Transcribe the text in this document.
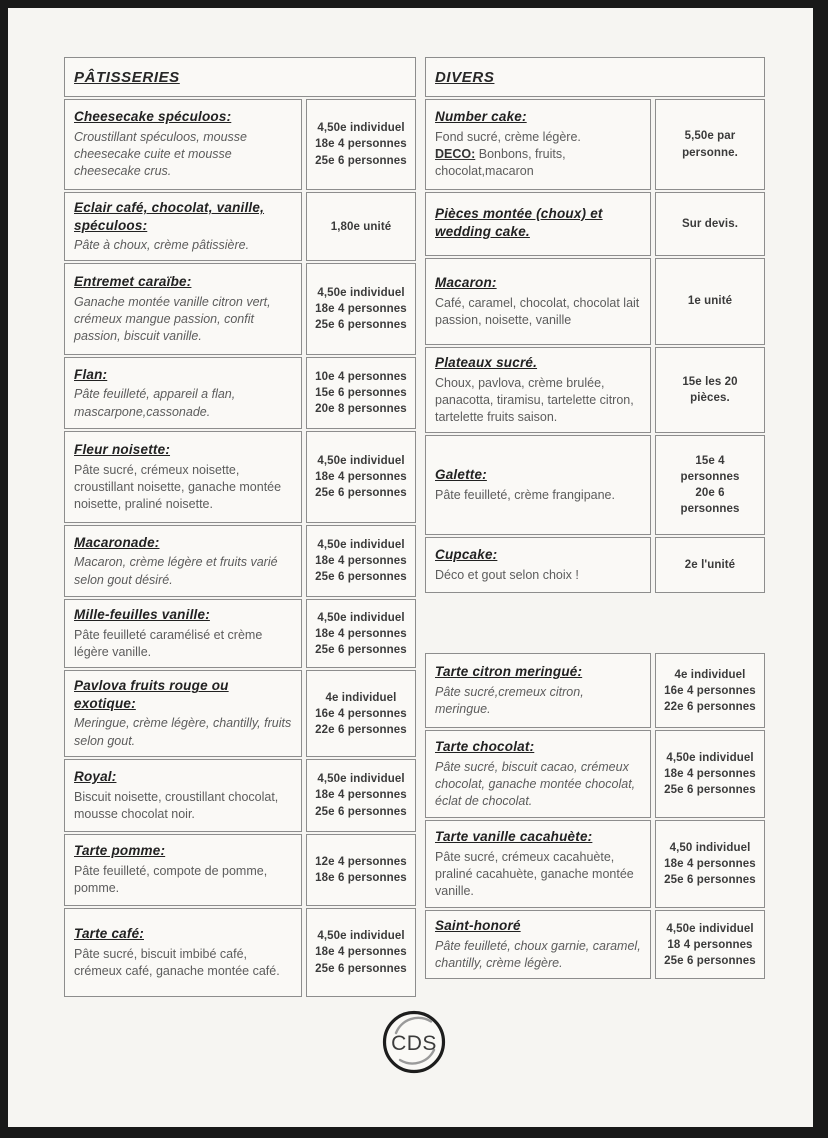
PÂTISSERIES
Cheesecake spéculoos:
Croustillant spéculoos, mousse cheesecake cuite et mousse cheesecake crus.
4,50e individuel
18e 4 personnes
25e 6 personnes
Eclair café, chocolat, vanille, spéculoos:
Pâte à choux, crème pâtissière.
1,80e unité
Entremet caraïbe:
Ganache montée vanille citron vert, crémeux mangue passion, confit passion, biscuit vanille.
4,50e individuel
18e 4 personnes
25e 6 personnes
Flan:
Pâte feuilleté, appareil a flan, mascarpone,cassonade.
10e 4 personnes
15e 6 personnes
20e 8 personnes
Fleur noisette:
Pâte sucré, crémeux noisette, croustillant noisette, ganache montée noisette, praliné noisette.
4,50e individuel
18e 4 personnes
25e 6 personnes
Macaronade:
Macaron, crème légère et fruits varié selon gout désiré.
4,50e individuel
18e 4 personnes
25e 6 personnes
Mille-feuilles vanille:
Pâte feuilleté caramélisé et crème légère vanille.
4,50e individuel
18e 4 personnes
25e 6 personnes
Pavlova fruits rouge ou exotique:
Meringue, crème légère, chantilly, fruits selon gout.
4e individuel
16e 4 personnes
22e 6 personnes
Royal:
Biscuit noisette, croustillant chocolat, mousse chocolat noir.
4,50e individuel
18e 4 personnes
25e 6 personnes
Tarte pomme:
Pâte feuilleté, compote de pomme, pomme.
12e 4 personnes
18e 6 personnes
Tarte café:
Pâte sucré, biscuit imbibé café, crémeux café, ganache montée café.
4,50e individuel
18e 4 personnes
25e 6 personnes
DIVERS
Number cake:
Fond sucré, crème légère.
DECO: Bonbons, fruits, chocolat,macaron
5,50e par
personne.
Pièces montée (choux) et wedding cake.	Sur devis.
Macaron:
Café, caramel, chocolat, chocolat lait passion, noisette, vanille
1e unité
Plateaux sucré.
Choux, pavlova, crème brulée, panacotta, tiramisu, tartelette citron, tartelette fruits saison.
15e les 20
pièces.
Galette:
Pâte feuilleté, crème frangipane.
15e 4
personnes
20e 6
personnes
Cupcake:
Déco et gout selon choix !
2e l'unité
Tarte citron meringué:
Pâte sucré,cremeux citron, meringue.
4e individuel
16e 4 personnes
22e 6 personnes
Tarte chocolat:
Pâte sucré, biscuit cacao, crémeux chocolat, ganache montée chocolat, éclat de chocolat.
4,50e individuel
18e 4 personnes
25e 6 personnes
Tarte vanille cacahuète:
Pâte sucré, crémeux cacahuète, praliné cacahuète, ganache montée vanille.
4,50 individuel
18e 4 personnes
25e 6 personnes
Saint-honoré
Pâte feuilleté, choux garnie, caramel, chantilly, crème légère.
4,50e individuel
18 4 personnes
25e 6 personnes
CDS
